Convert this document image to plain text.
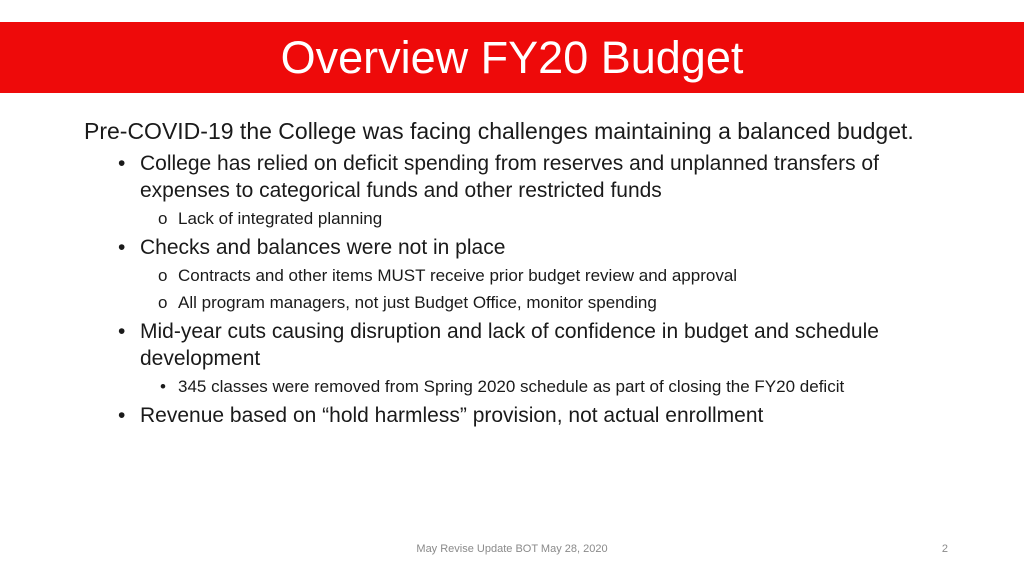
Overview FY20 Budget

Pre-COVID-19 the College was facing challenges maintaining a balanced budget.

• College has relied on deficit spending from reserves and unplanned transfers of expenses to categorical funds and other restricted funds
o Lack of integrated planning
• Checks and balances were not in place
o Contracts and other items MUST receive prior budget review and approval
o All program managers, not just Budget Office, monitor spending
• Mid-year cuts causing disruption and lack of confidence in budget and schedule development
• 345 classes were removed from Spring 2020 schedule as part of closing the FY20 deficit
• Revenue based on “hold harmless” provision, not actual enrollment
May Revise Update BOT May 28, 2020	2
